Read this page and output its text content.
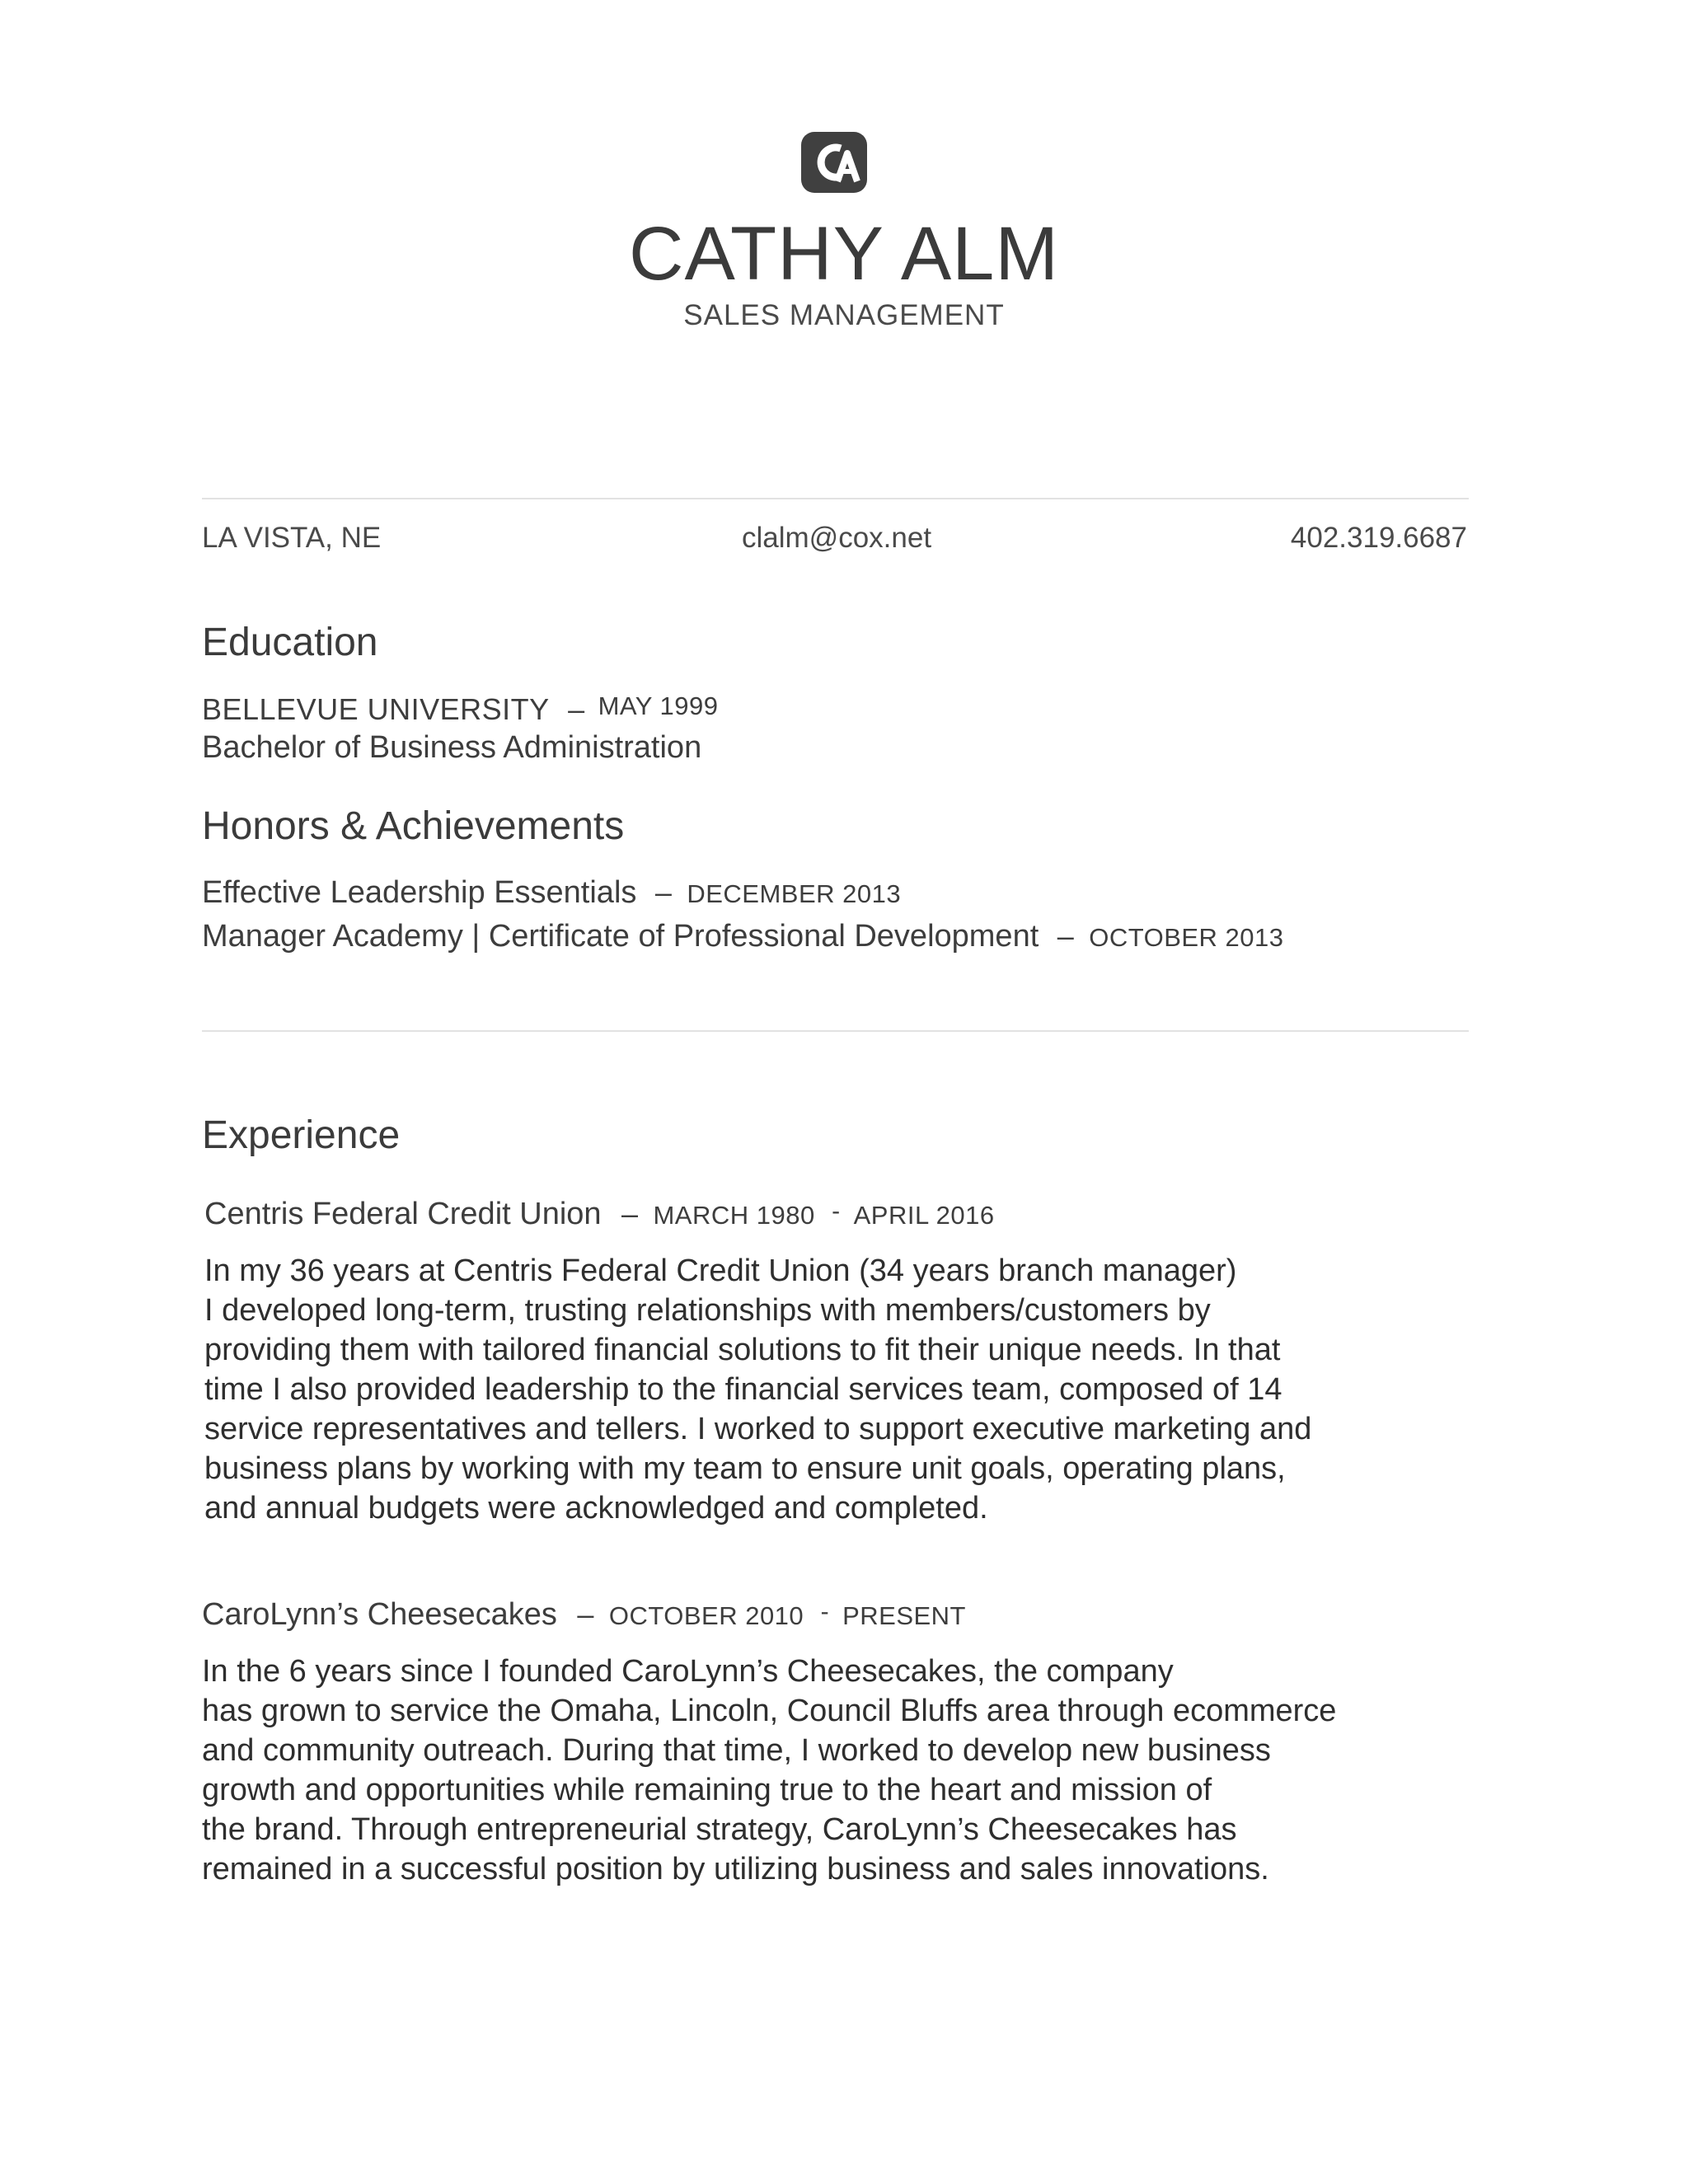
CATHY ALM
SALES MANAGEMENT
LA VISTA, NE	clalm@cox.net	402.319.6687
Education
BELLEVUE UNIVERSITY – MAY 1999
Bachelor of Business Administration
Honors & Achievements
Effective Leadership Essentials – DECEMBER 2013
Manager Academy | Certificate of Professional Development – OCTOBER 2013
Experience
Centris Federal Credit Union – MARCH 1980 - APRIL 2016
In my 36 years at Centris Federal Credit Union (34 years branch manager)
I developed long-term, trusting relationships with members/customers by
providing them with tailored financial solutions to fit their unique needs. In that
time I also provided leadership to the financial services team, composed of 14
service representatives and tellers. I worked to support executive marketing and
business plans by working with my team to ensure unit goals, operating plans,
and annual budgets were acknowledged and completed.
CaroLynn’s Cheesecakes – OCTOBER 2010 - PRESENT
In the 6 years since I founded CaroLynn’s Cheesecakes, the company
has grown to service the Omaha, Lincoln, Council Bluffs area through ecommerce
and community outreach. During that time, I worked to develop new business
growth and opportunities while remaining true to the heart and mission of
the brand. Through entrepreneurial strategy, CaroLynn’s Cheesecakes has
remained in a successful position by utilizing business and sales innovations.
